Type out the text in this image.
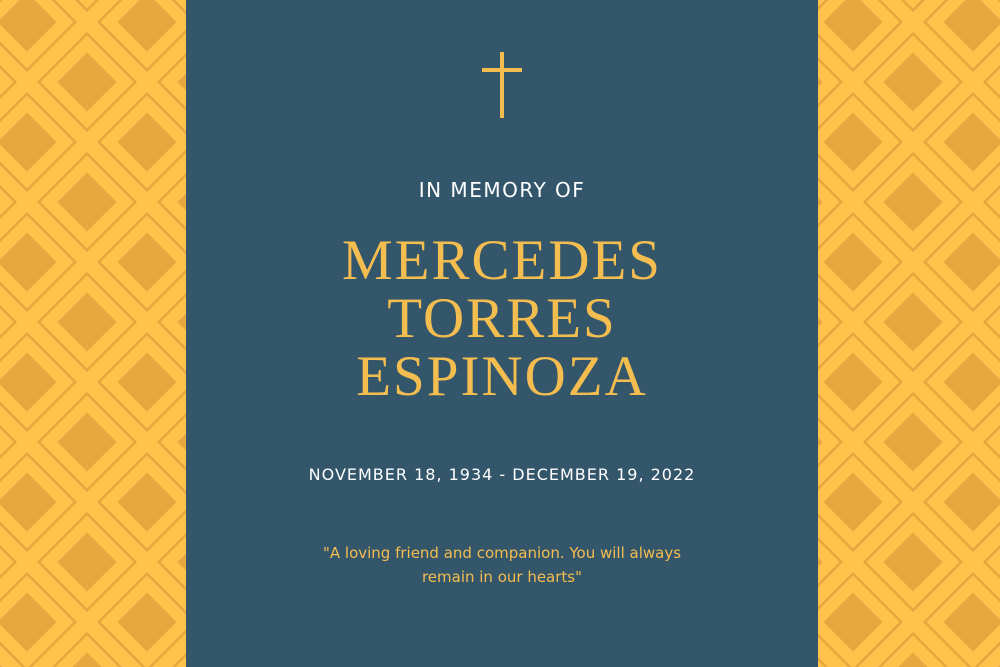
IN MEMORY OF
MERCEDES
TORRES
ESPINOZA
NOVEMBER 18, 1934 - DECEMBER 19, 2022
"A loving friend and companion. You will always remain in our hearts"
